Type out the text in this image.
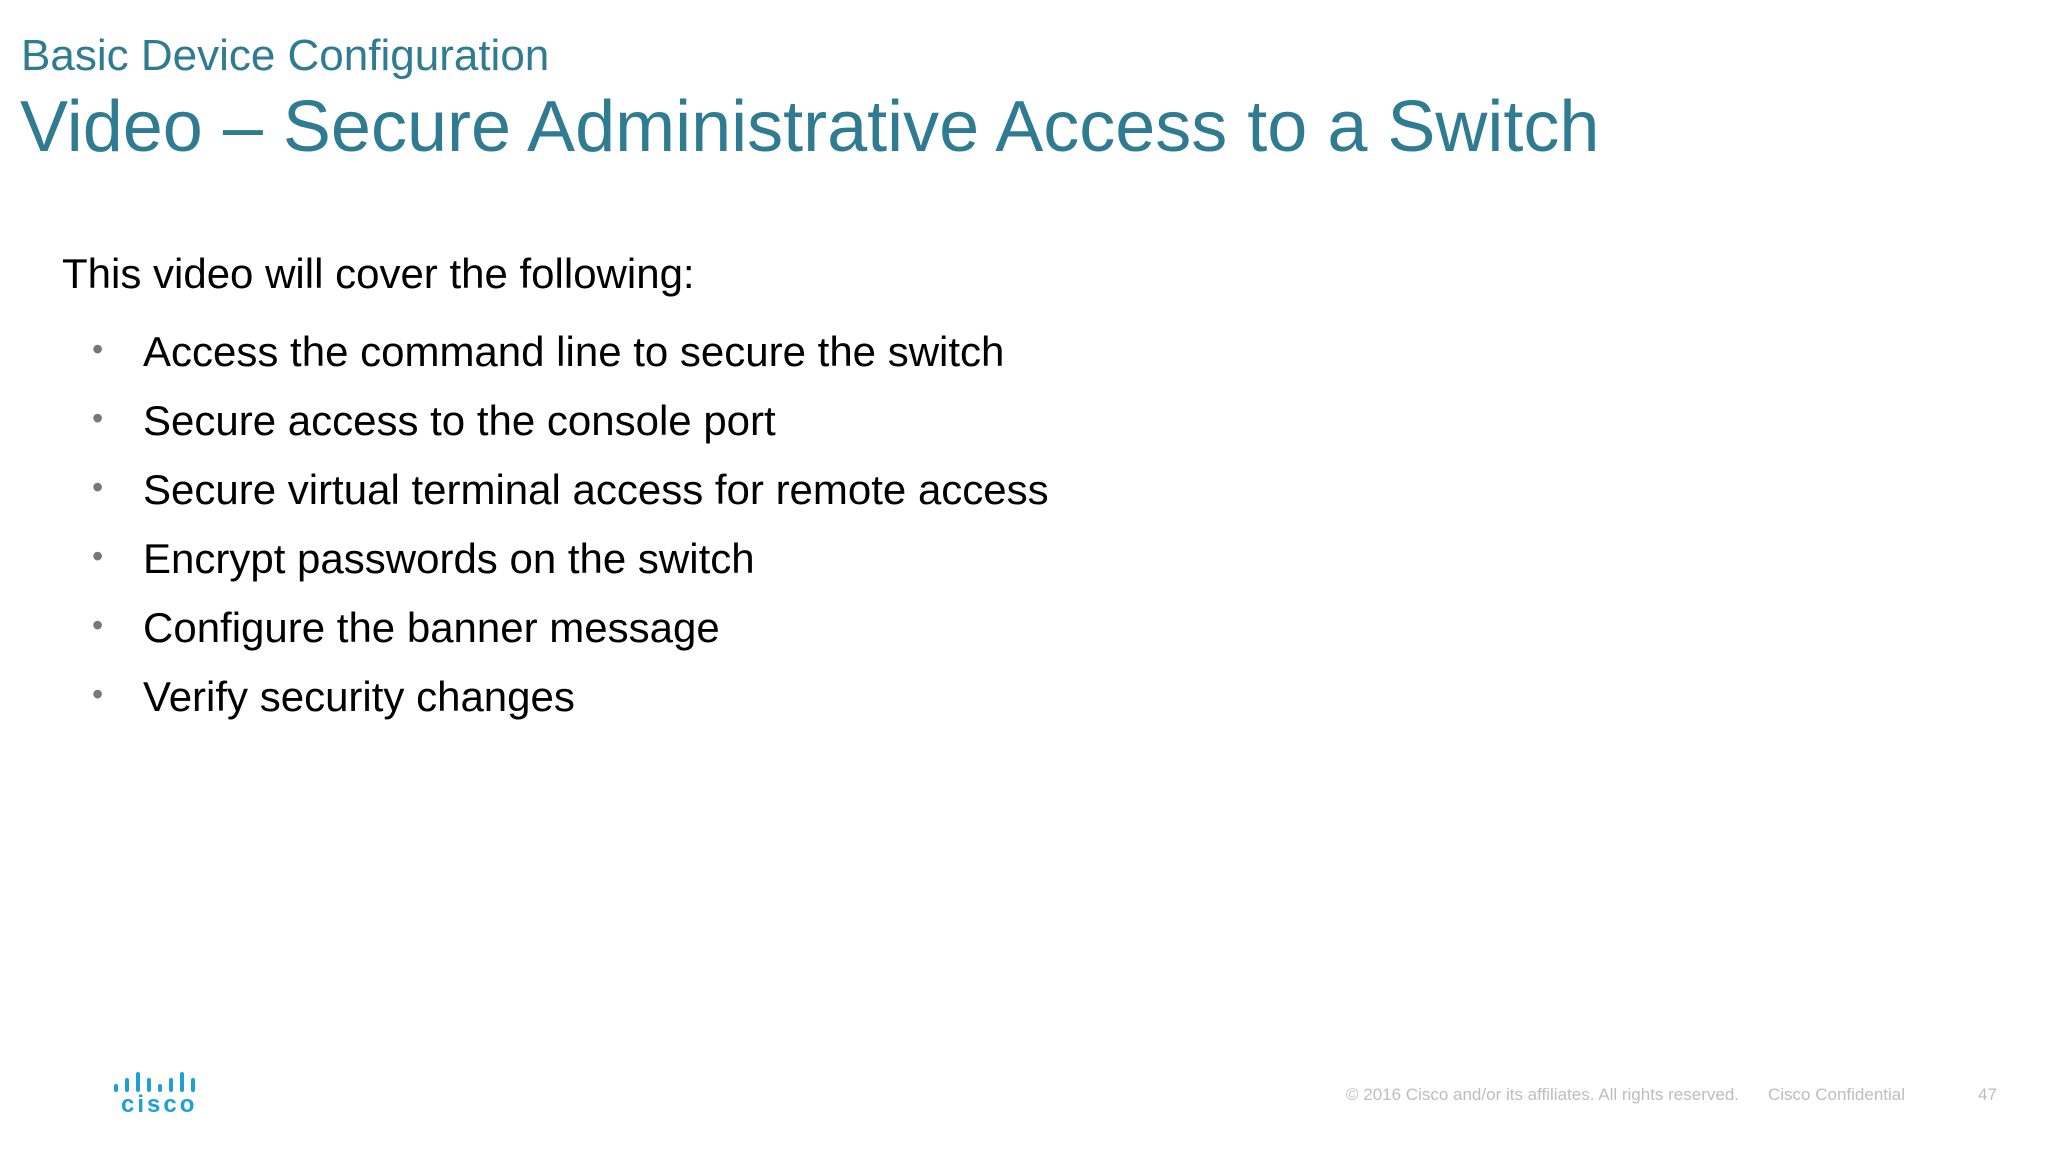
Basic Device Configuration
Video – Secure Administrative Access to a Switch
This video will cover the following:
• Access the command line to secure the switch
• Secure access to the console port
• Secure virtual terminal access for remote access
• Encrypt passwords on the switch
• Configure the banner message
• Verify security changes
cisco	© 2016 Cisco and/or its affiliates. All rights reserved. Cisco Confidential	47
